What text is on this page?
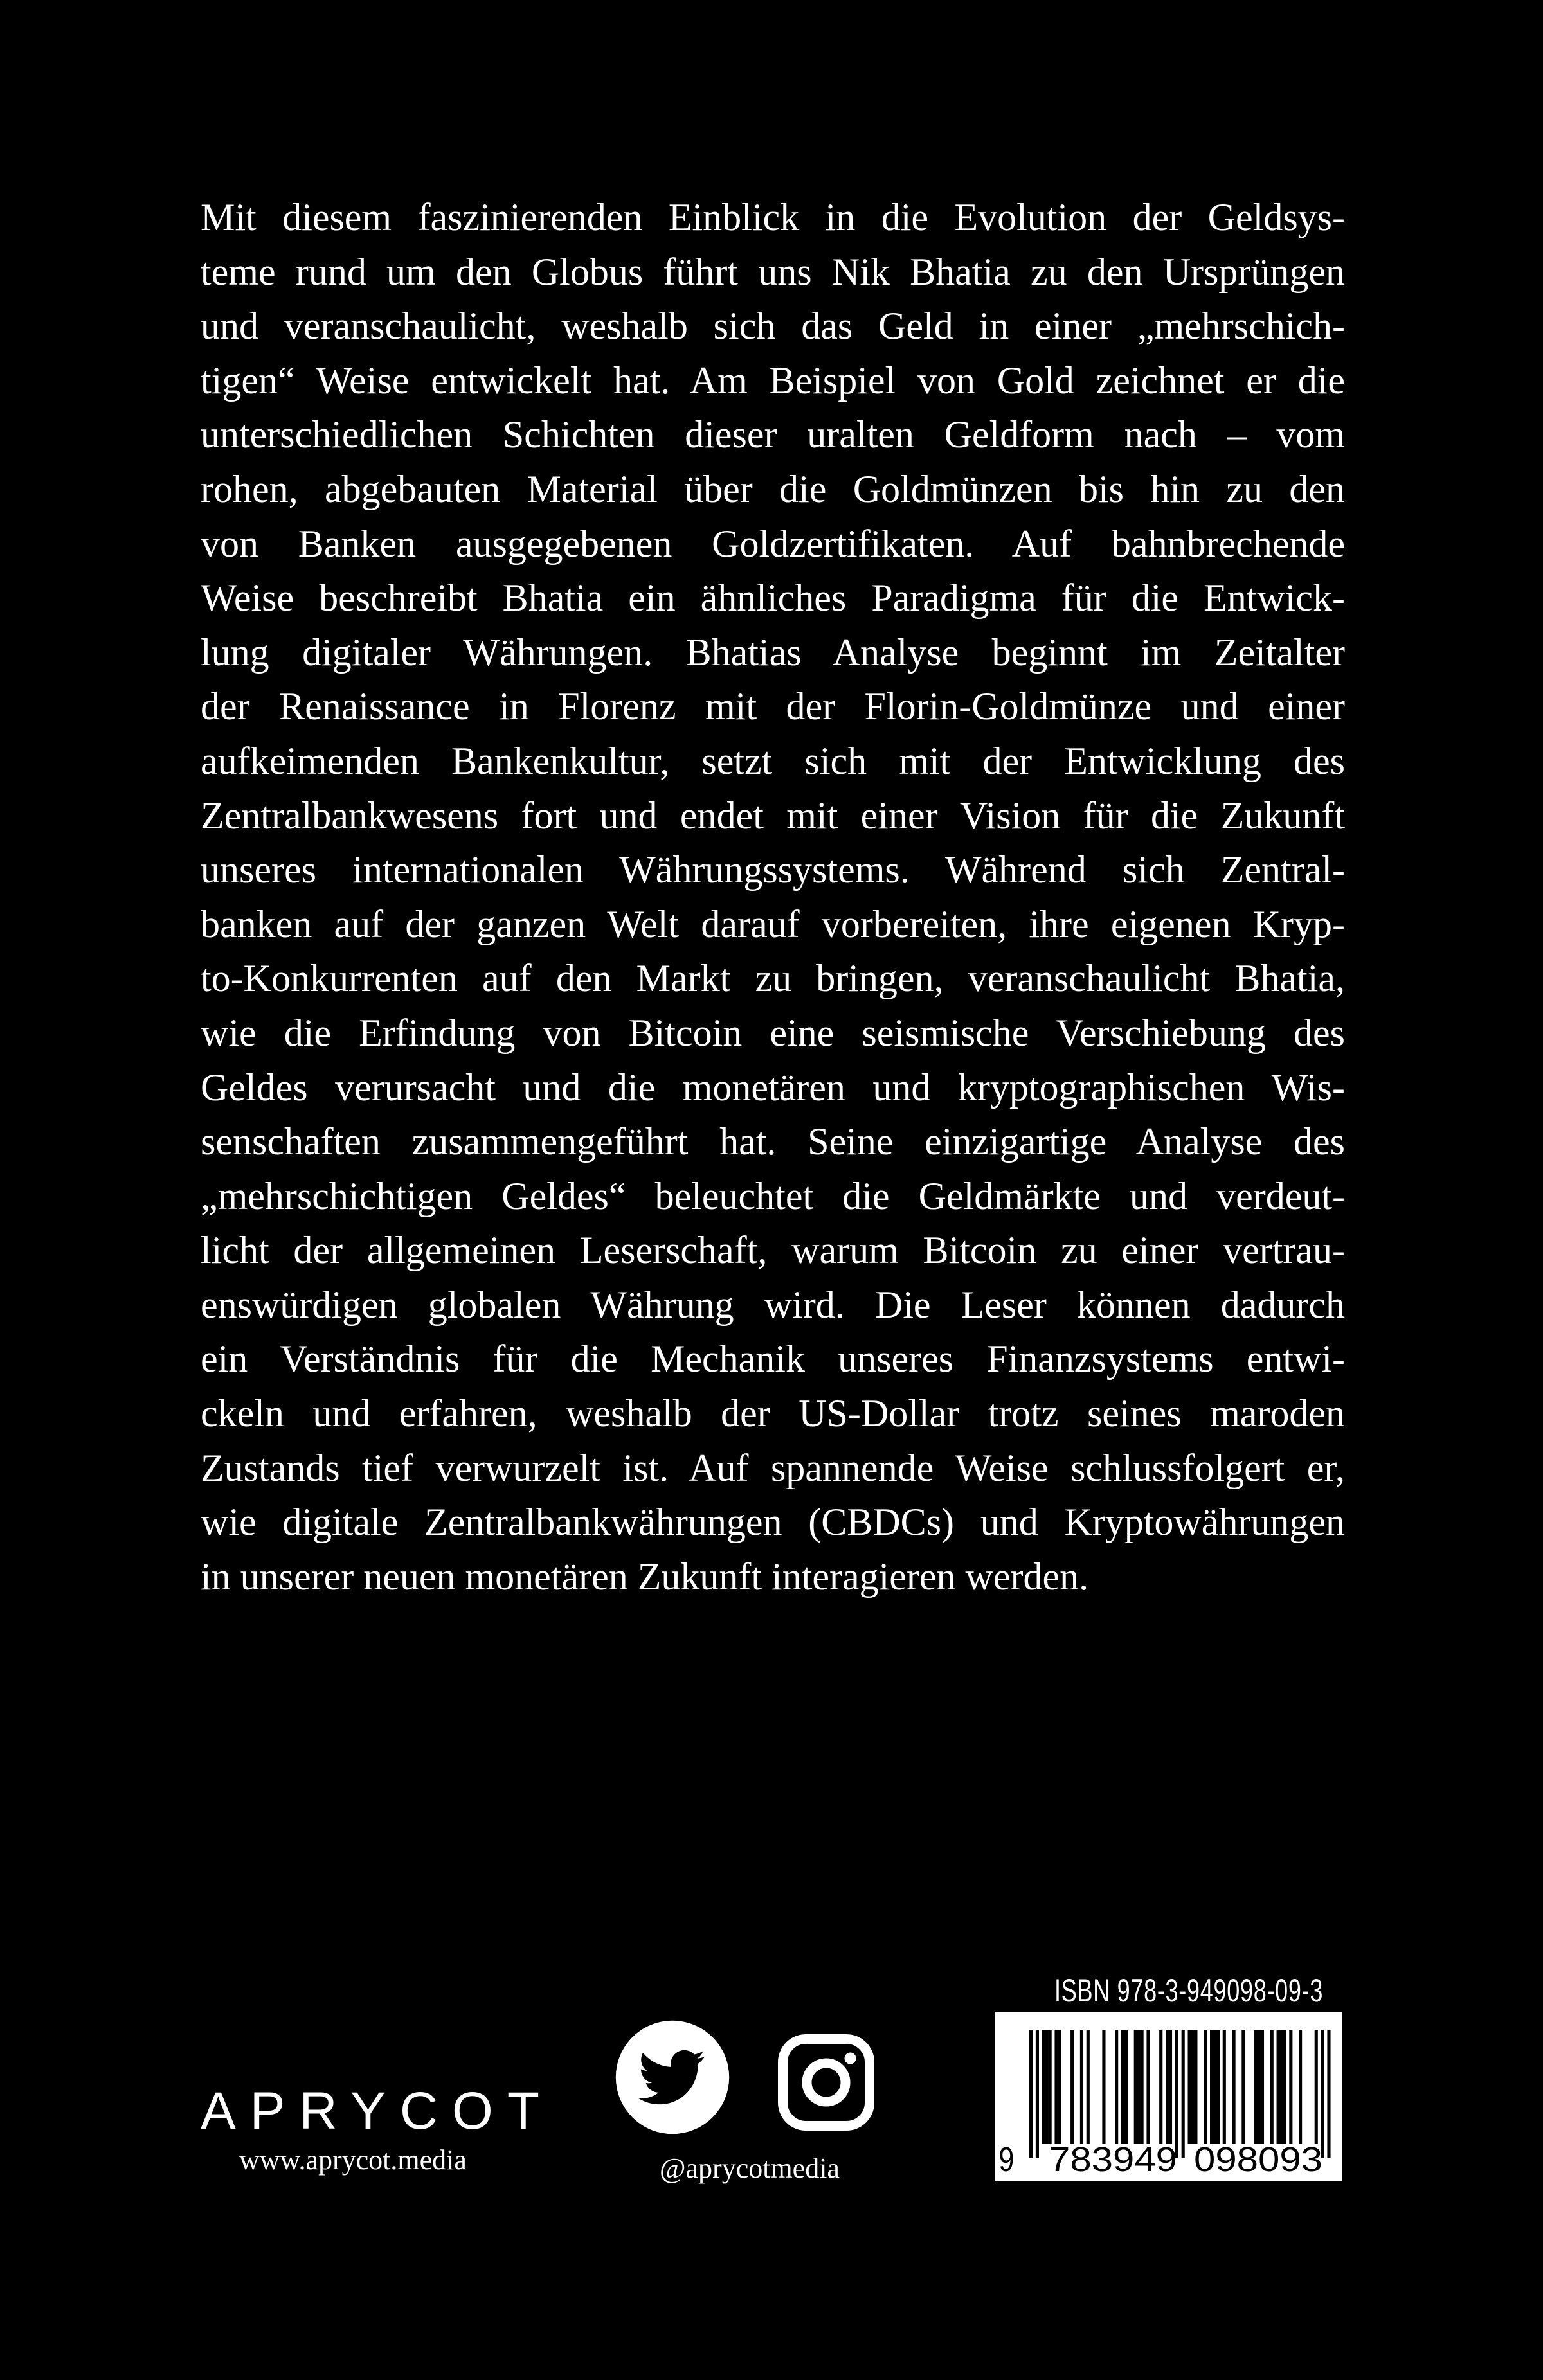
Mit diesem faszinierenden Einblick in die Evolution der Geldsys-
teme rund um den Globus führt uns Nik Bhatia zu den Ursprüngen
und veranschaulicht, weshalb sich das Geld in einer „mehrschich-
tigen“ Weise entwickelt hat. Am Beispiel von Gold zeichnet er die
unterschiedlichen Schichten dieser uralten Geldform nach – vom
rohen, abgebauten Material über die Goldmünzen bis hin zu den
von Banken ausgegebenen Goldzertifikaten. Auf bahnbrechende
Weise beschreibt Bhatia ein ähnliches Paradigma für die Entwick-
lung digitaler Währungen. Bhatias Analyse beginnt im Zeitalter
der Renaissance in Florenz mit der Florin-Goldmünze und einer
aufkeimenden Bankenkultur, setzt sich mit der Entwicklung des
Zentralbankwesens fort und endet mit einer Vision für die Zukunft
unseres internationalen Währungssystems. Während sich Zentral-
banken auf der ganzen Welt darauf vorbereiten, ihre eigenen Kryp-
to-Konkurrenten auf den Markt zu bringen, veranschaulicht Bhatia,
wie die Erfindung von Bitcoin eine seismische Verschiebung des
Geldes verursacht und die monetären und kryptographischen Wis-
senschaften zusammengeführt hat. Seine einzigartige Analyse des
„mehrschichtigen Geldes“ beleuchtet die Geldmärkte und verdeut-
licht der allgemeinen Leserschaft, warum Bitcoin zu einer vertrau-
enswürdigen globalen Währung wird. Die Leser können dadurch
ein Verständnis für die Mechanik unseres Finanzsystems entwi-
ckeln und erfahren, weshalb der US-Dollar trotz seines maroden
Zustands tief verwurzelt ist. Auf spannende Weise schlussfolgert er,
wie digitale Zentralbankwährungen (CBDCs) und Kryptowährungen
in unserer neuen monetären Zukunft interagieren werden.
APRYCOT
www.aprycot.media	@aprycotmedia
ISBN 978-3-949098-09-3
9 783949 098093
